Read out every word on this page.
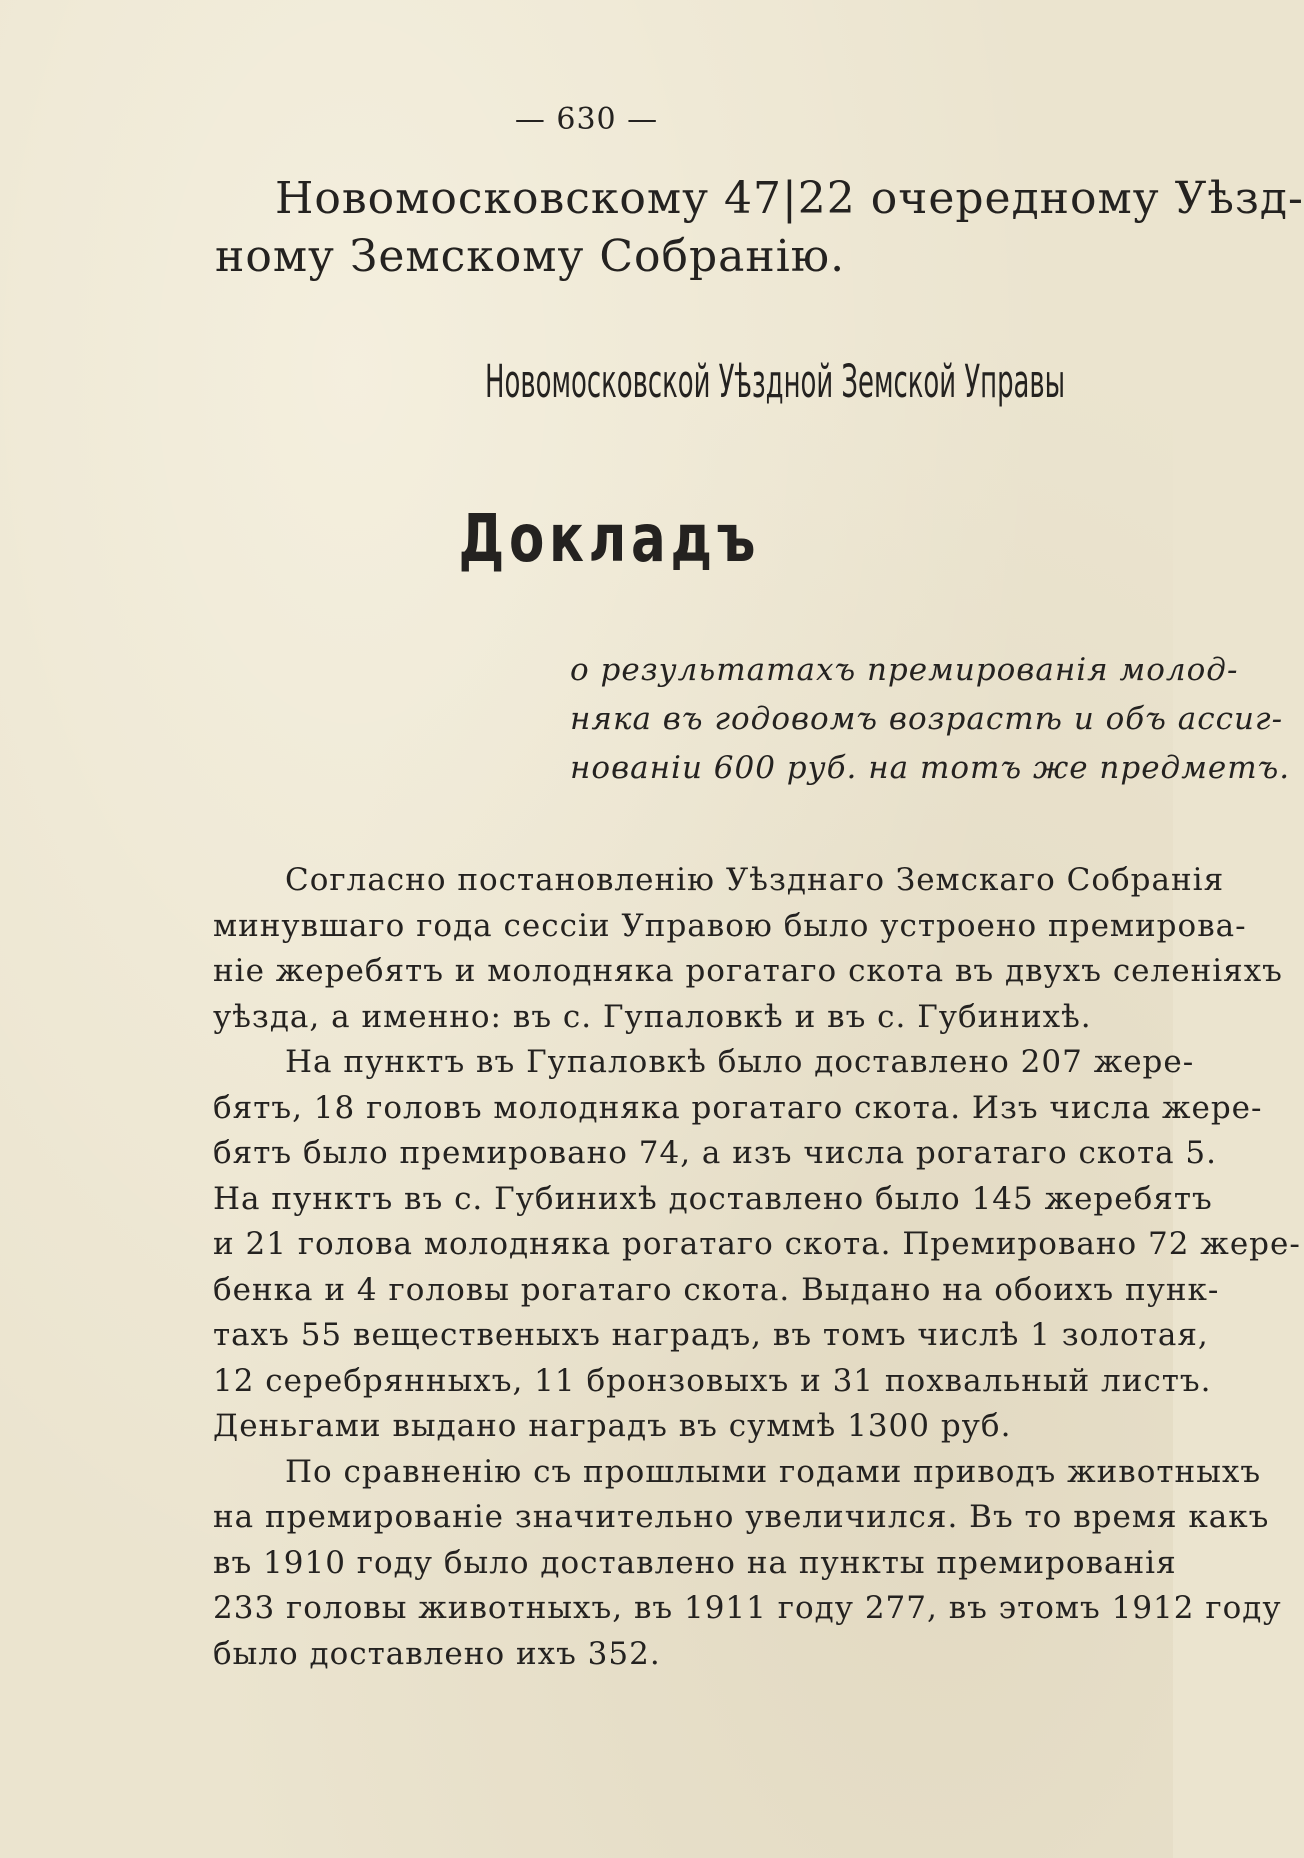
— 630 —
Новомосковскому 47|22 очередному Уѣзд-
ному Земскому Собранію.
Новомосковской Уѣздной Земской Управы
Докладъ
о результатахъ премированія молод-
няка въ годовомъ возрастѣ и объ ассиг-
нованіи 600 руб. на тотъ же предметъ.
Согласно постановленію Уѣзднаго Земскаго Собранія
минувшаго года сессіи Управою было устроено премирова-
ніе жеребятъ и молодняка рогатаго скота въ двухъ селеніяхъ
уѣзда, а именно: въ с. Гупаловкѣ и въ с. Губинихѣ.
На пунктъ въ Гупаловкѣ было доставлено 207 жере-
бятъ, 18 головъ молодняка рогатаго скота. Изъ числа жере-
бятъ было премировано 74, а изъ числа рогатаго скота 5.
На пунктъ въ с. Губинихѣ доставлено было 145 жеребятъ
и 21 голова молодняка рогатаго скота. Премировано 72 жере-
бенка и 4 головы рогатаго скота. Выдано на обоихъ пунк-
тахъ 55 вещественыхъ наградъ, въ томъ числѣ 1 золотая,
12 серебрянныхъ, 11 бронзовыхъ и 31 похвальный листъ.
Деньгами выдано наградъ въ суммѣ 1300 руб.
По сравненію съ прошлыми годами приводъ животныхъ
на премированіе значительно увеличился. Въ то время какъ
въ 1910 году было доставлено на пункты премированія
233 головы животныхъ, въ 1911 году 277, въ этомъ 1912 году
было доставлено ихъ 352.
